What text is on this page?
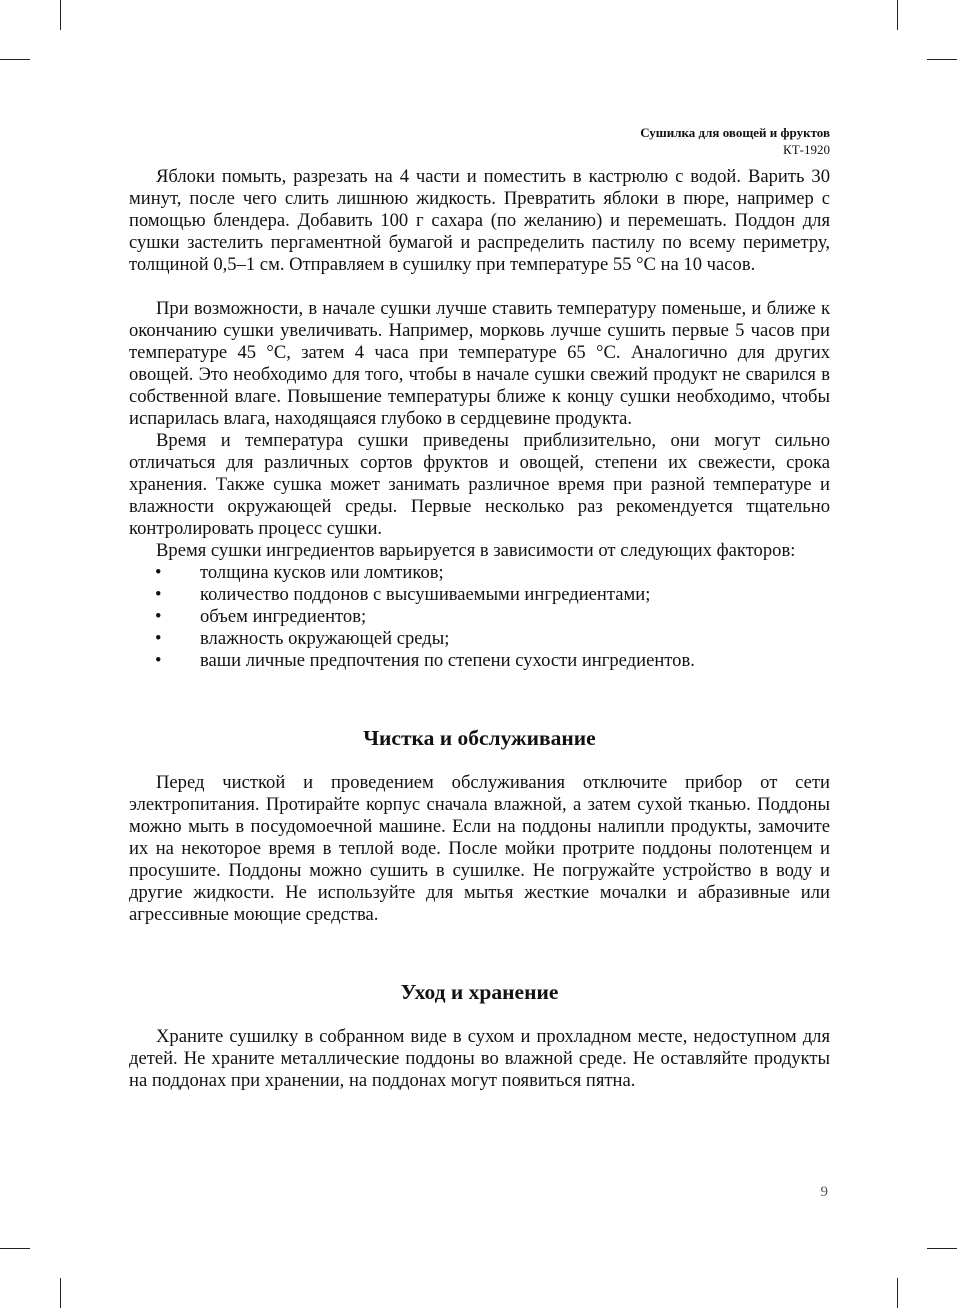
Сушилка для овощей и фруктов
КТ-1920

Яблоки помыть, разрезать на 4 части и поместить в кастрюлю с водой. Варить 30 минут, после чего слить лишнюю жидкость. Превратить яблоки в пюре, например с помощью блендера. Добавить 100 г сахара (по желанию) и перемешать. Поддон для сушки застелить пергаментной бумагой и распределить пастилу по всему периметру, толщиной 0,5–1 см. Отправляем в сушилку при температуре 55 °C на 10 часов.

При возможности, в начале сушки лучше ставить температуру поменьше, и ближе к окончанию сушки увеличивать. Например, морковь лучше сушить первые 5 часов при температуре 45 °C, затем 4 часа при температуре 65 °C. Аналогично для других овощей. Это необходимо для того, чтобы в начале сушки свежий продукт не сварился в собственной влаге. Повышение температуры ближе к концу сушки необходимо, чтобы испарилась влага, находящаяся глубоко в сердцевине продукта.

Время и температура сушки приведены приблизительно, они могут сильно отличаться для различных сортов фруктов и овощей, степени их свежести, срока хранения. Также сушка может занимать различное время при разной температуре и влажности окружающей среды. Первые несколько раз рекомендуется тщательно контролировать процесс сушки.

Время сушки ингредиентов варьируется в зависимости от следующих факторов:

• толщина кусков или ломтиков;
• количество поддонов с высушиваемыми ингредиентами;
• объем ингредиентов;
• влажность окружающей среды;
• ваши личные предпочтения по степени сухости ингредиентов.
Чистка и обслуживание

Перед чисткой и проведением обслуживания отключите прибор от сети электропитания. Протирайте корпус сначала влажной, а затем сухой тканью. Поддоны можно мыть в посудомоечной машине. Если на поддоны налипли продукты, замочите их на некоторое время в теплой воде. После мойки протрите поддоны полотенцем и просушите. Поддоны можно сушить в сушилке. Не погружайте устройство в воду и другие жидкости. Не используйте для мытья жесткие мочалки и абразивные или агрессивные моющие средства.

Уход и хранение

Храните сушилку в собранном виде в сухом и прохладном месте, недоступном для детей. Не храните металлические поддоны во влажной среде. Не оставляйте продукты на поддонах при хранении, на поддонах могут появиться пятна.

9
